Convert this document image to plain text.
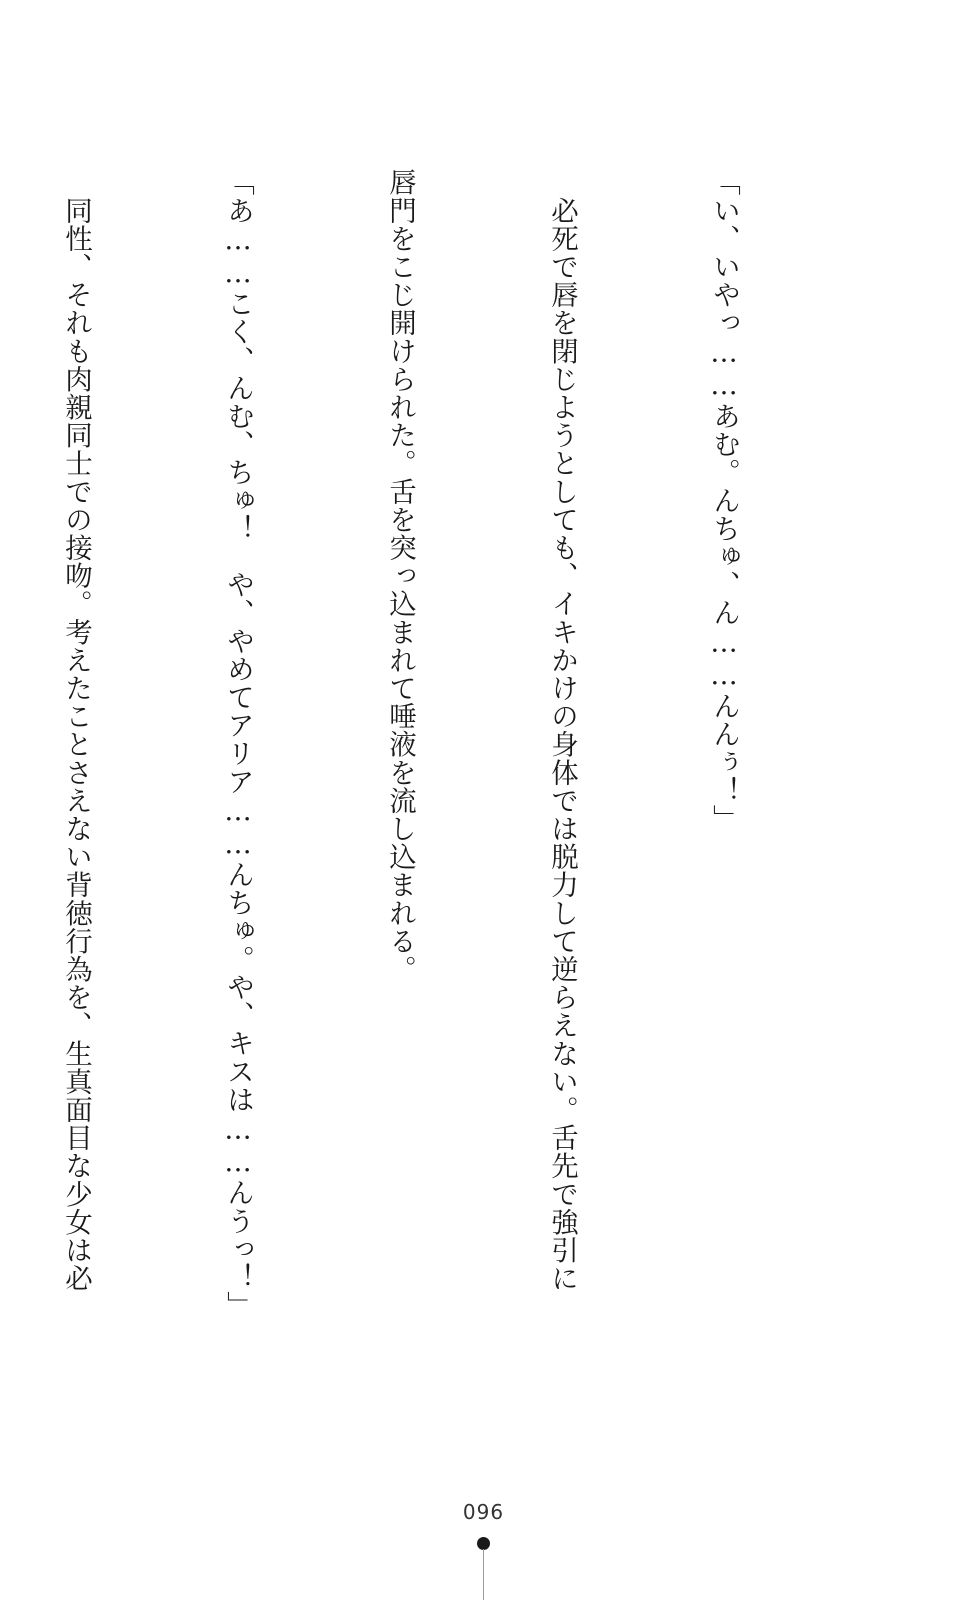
「い、いやっ……あむ。んちゅ、ん……んんぅ！」

　必死で唇を閉じようとしても、イキかけの身体では脱力して逆らえない。舌先で強引に

唇門をこじ開けられた。舌を突っ込まれて唾液を流し込まれる。

「あ……こく、んむ、ちゅ！　や、やめてアリア……んちゅ。や、キスは……んうっ！」

　同性、それも肉親同士での接吻。考えたことさえない背徳行為を、生真面目な少女は必

096
